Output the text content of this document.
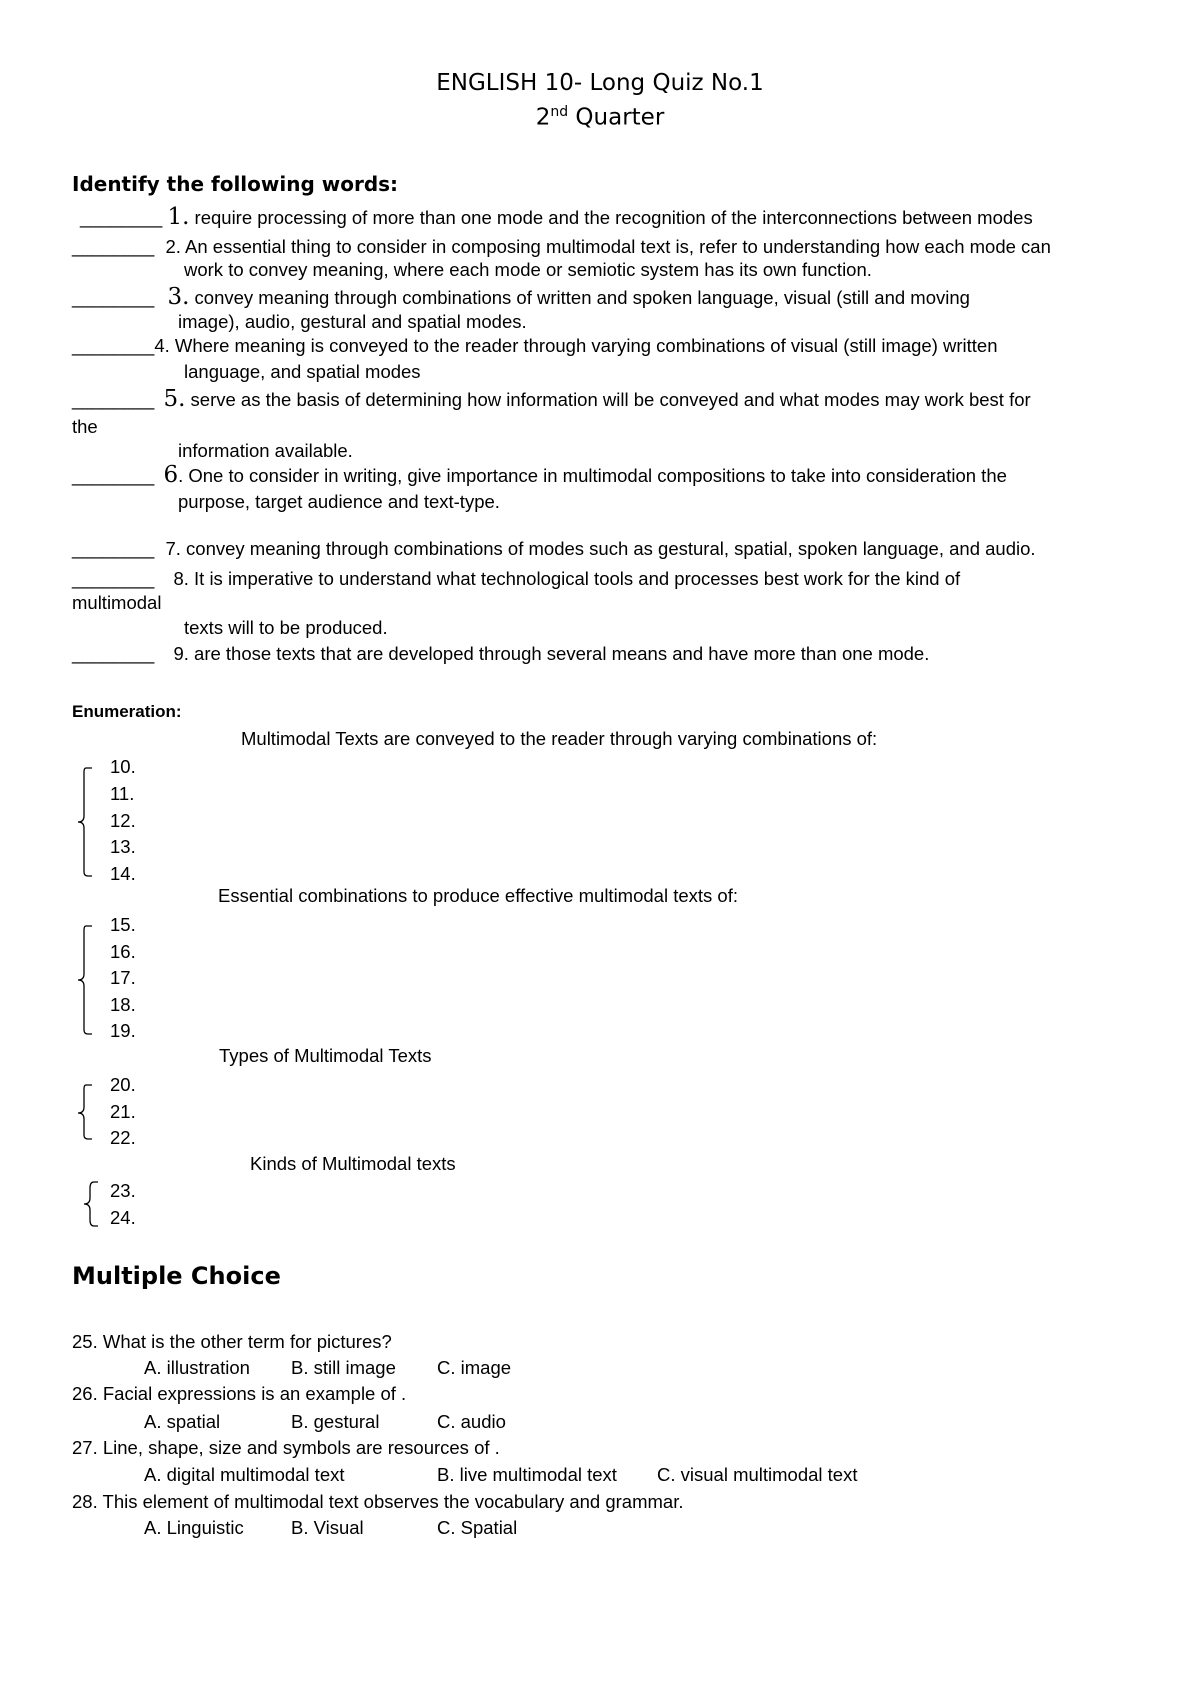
ENGLISH 10- Long Quiz No.1
2nd Quarter
Identify the following words:
________ 1. require processing of more than one mode and the recognition of the interconnections between modes
________ 2. An essential thing to consider in composing multimodal text is, refer to understanding how each mode can
work to convey meaning, where each mode or semiotic system has its own function.
________ 3. convey meaning through combinations of written and spoken language, visual (still and moving
image), audio, gestural and spatial modes.
________4. Where meaning is conveyed to the reader through varying combinations of visual (still image) written
language, and spatial modes
________ 5. serve as the basis of determining how information will be conveyed and what modes may work best for
the
information available.
________ 6. One to consider in writing, give importance in multimodal compositions to take into consideration the
purpose, target audience and text-type.
________ 7. convey meaning through combinations of modes such as gestural, spatial, spoken language, and audio.
________ 8. It is imperative to understand what technological tools and processes best work for the kind of
multimodal
texts will to be produced.
________ 9. are those texts that are developed through several means and have more than one mode.
Enumeration:
Multimodal Texts are conveyed to the reader through varying combinations of:
10.
11.
12.
13.
14.
Essential combinations to produce effective multimodal texts of:
15.
16.
17.
18.
19.
Types of Multimodal Texts
20.
21.
22.
Kinds of Multimodal texts
23.
24.
Multiple Choice
25. What is the other term for pictures?
A. illustration B. still image C. image
26. Facial expressions is an example of .
A. spatial	B. gestural	C. audio
27. Line, shape, size and symbols are resources of .
A. digital multimodal text	B. live multimodal text C. visual multimodal text
28. This element of multimodal text observes the vocabulary and grammar.
A. Linguistic	B. Visual	C. Spatial
